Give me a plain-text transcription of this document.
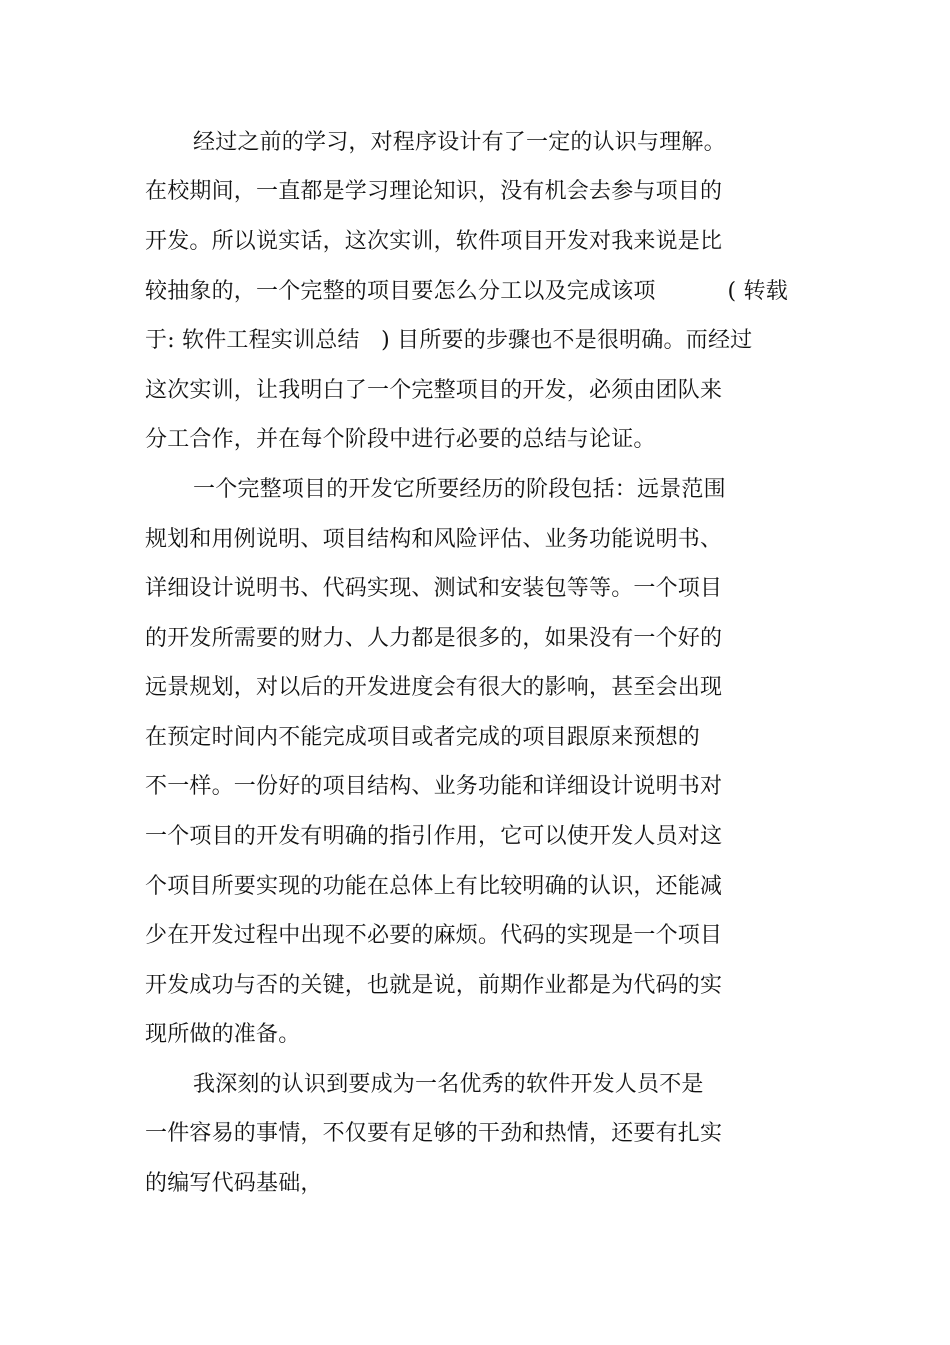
经过之前的学习，对程序设计有了一定的认识与理解。
在校期间，一直都是学习理论知识，没有机会去参与项目的
开发。所以说实话，这次实训，软件项目开发对我来说是比
较抽象的，一个完整的项目要怎么分工以及完成该项          ( 转载
于: 软件工程实训总结   ) 目所要的步骤也不是很明确。而经过
这次实训，让我明白了一个完整项目的开发，必须由团队来
分工合作，并在每个阶段中进行必要的总结与论证。
一个完整项目的开发它所要经历的阶段包括：远景范围
规划和用例说明、项目结构和风险评估、业务功能说明书、
详细设计说明书、代码实现、测试和安装包等等。一个项目
的开发所需要的财力、人力都是很多的，如果没有一个好的
远景规划，对以后的开发进度会有很大的影响，甚至会出现
在预定时间内不能完成项目或者完成的项目跟原来预想的
不一样。一份好的项目结构、业务功能和详细设计说明书对
一个项目的开发有明确的指引作用，它可以使开发人员对这
个项目所要实现的功能在总体上有比较明确的认识，还能减
少在开发过程中出现不必要的麻烦。代码的实现是一个项目
开发成功与否的关键，也就是说，前期作业都是为代码的实
现所做的准备。
我深刻的认识到要成为一名优秀的软件开发人员不是
一件容易的事情，不仅要有足够的干劲和热情，还要有扎实
的编写代码基础，
